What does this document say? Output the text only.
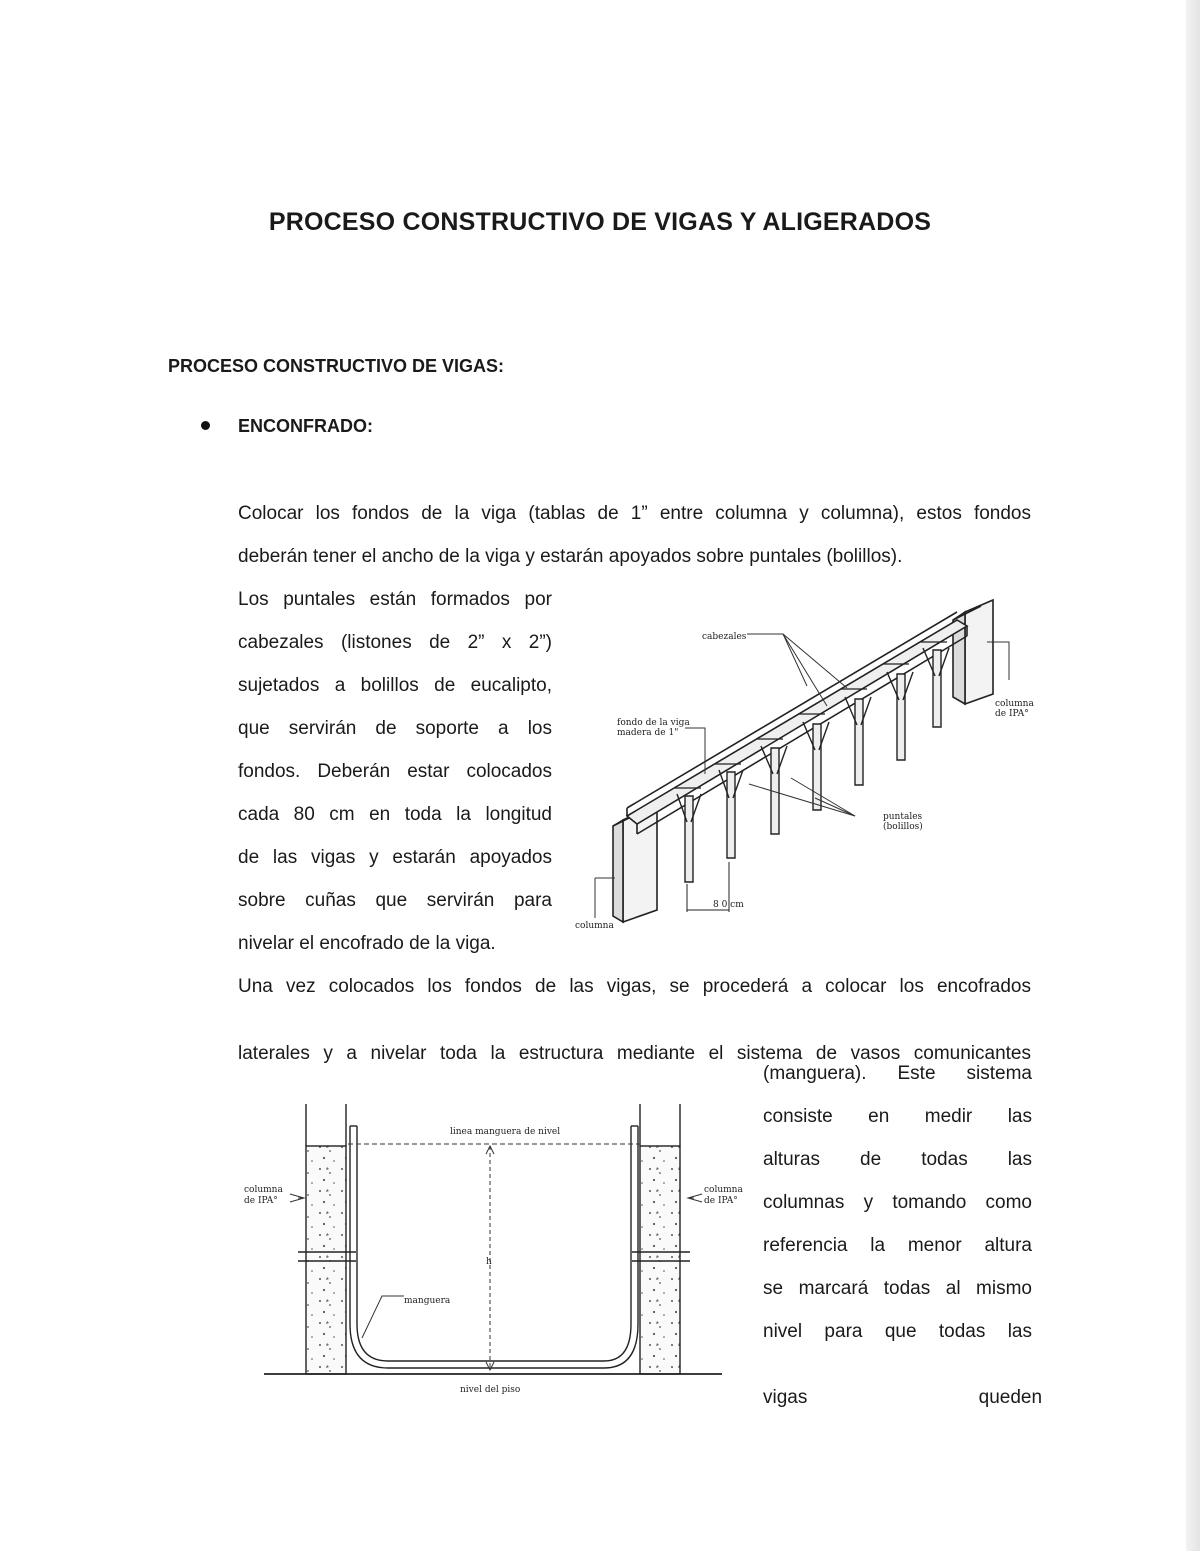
PROCESO CONSTRUCTIVO DE VIGAS Y ALIGERADOS
PROCESO CONSTRUCTIVO DE VIGAS:
ENCONFRADO:
Colocar los fondos de la viga (tablas de 1” entre columna y columna), estos fondos
deberán tener el ancho de la viga y estarán apoyados sobre puntales (bolillos).
Los puntales están formados por
cabezales (listones de 2” x 2”)
sujetados a bolillos de eucalipto,
que servirán de soporte a los
fondos. Deberán estar colocados
cada 80 cm en toda la longitud
de las vigas y estarán apoyados
sobre cuñas que servirán para
nivelar el encofrado de la viga.
Una vez colocados los fondos de las vigas, se procederá a colocar los encofrados
laterales y a nivelar toda la estructura mediante el sistema de vasos comunicantes
(manguera). Este sistema
consiste en medir las
alturas de todas las
columnas y tomando como
referencia la menor altura
se marcará todas al mismo
nivel para que todas las
vigas queden
cabezales
fondo de la viga
madera de 1"
columna
de IPA°
puntales
(bolillos)
8 0 cm
columna
linea manguera de nivel
columna
de IPA°
columna
de IPA°
h
manguera
nivel del piso
